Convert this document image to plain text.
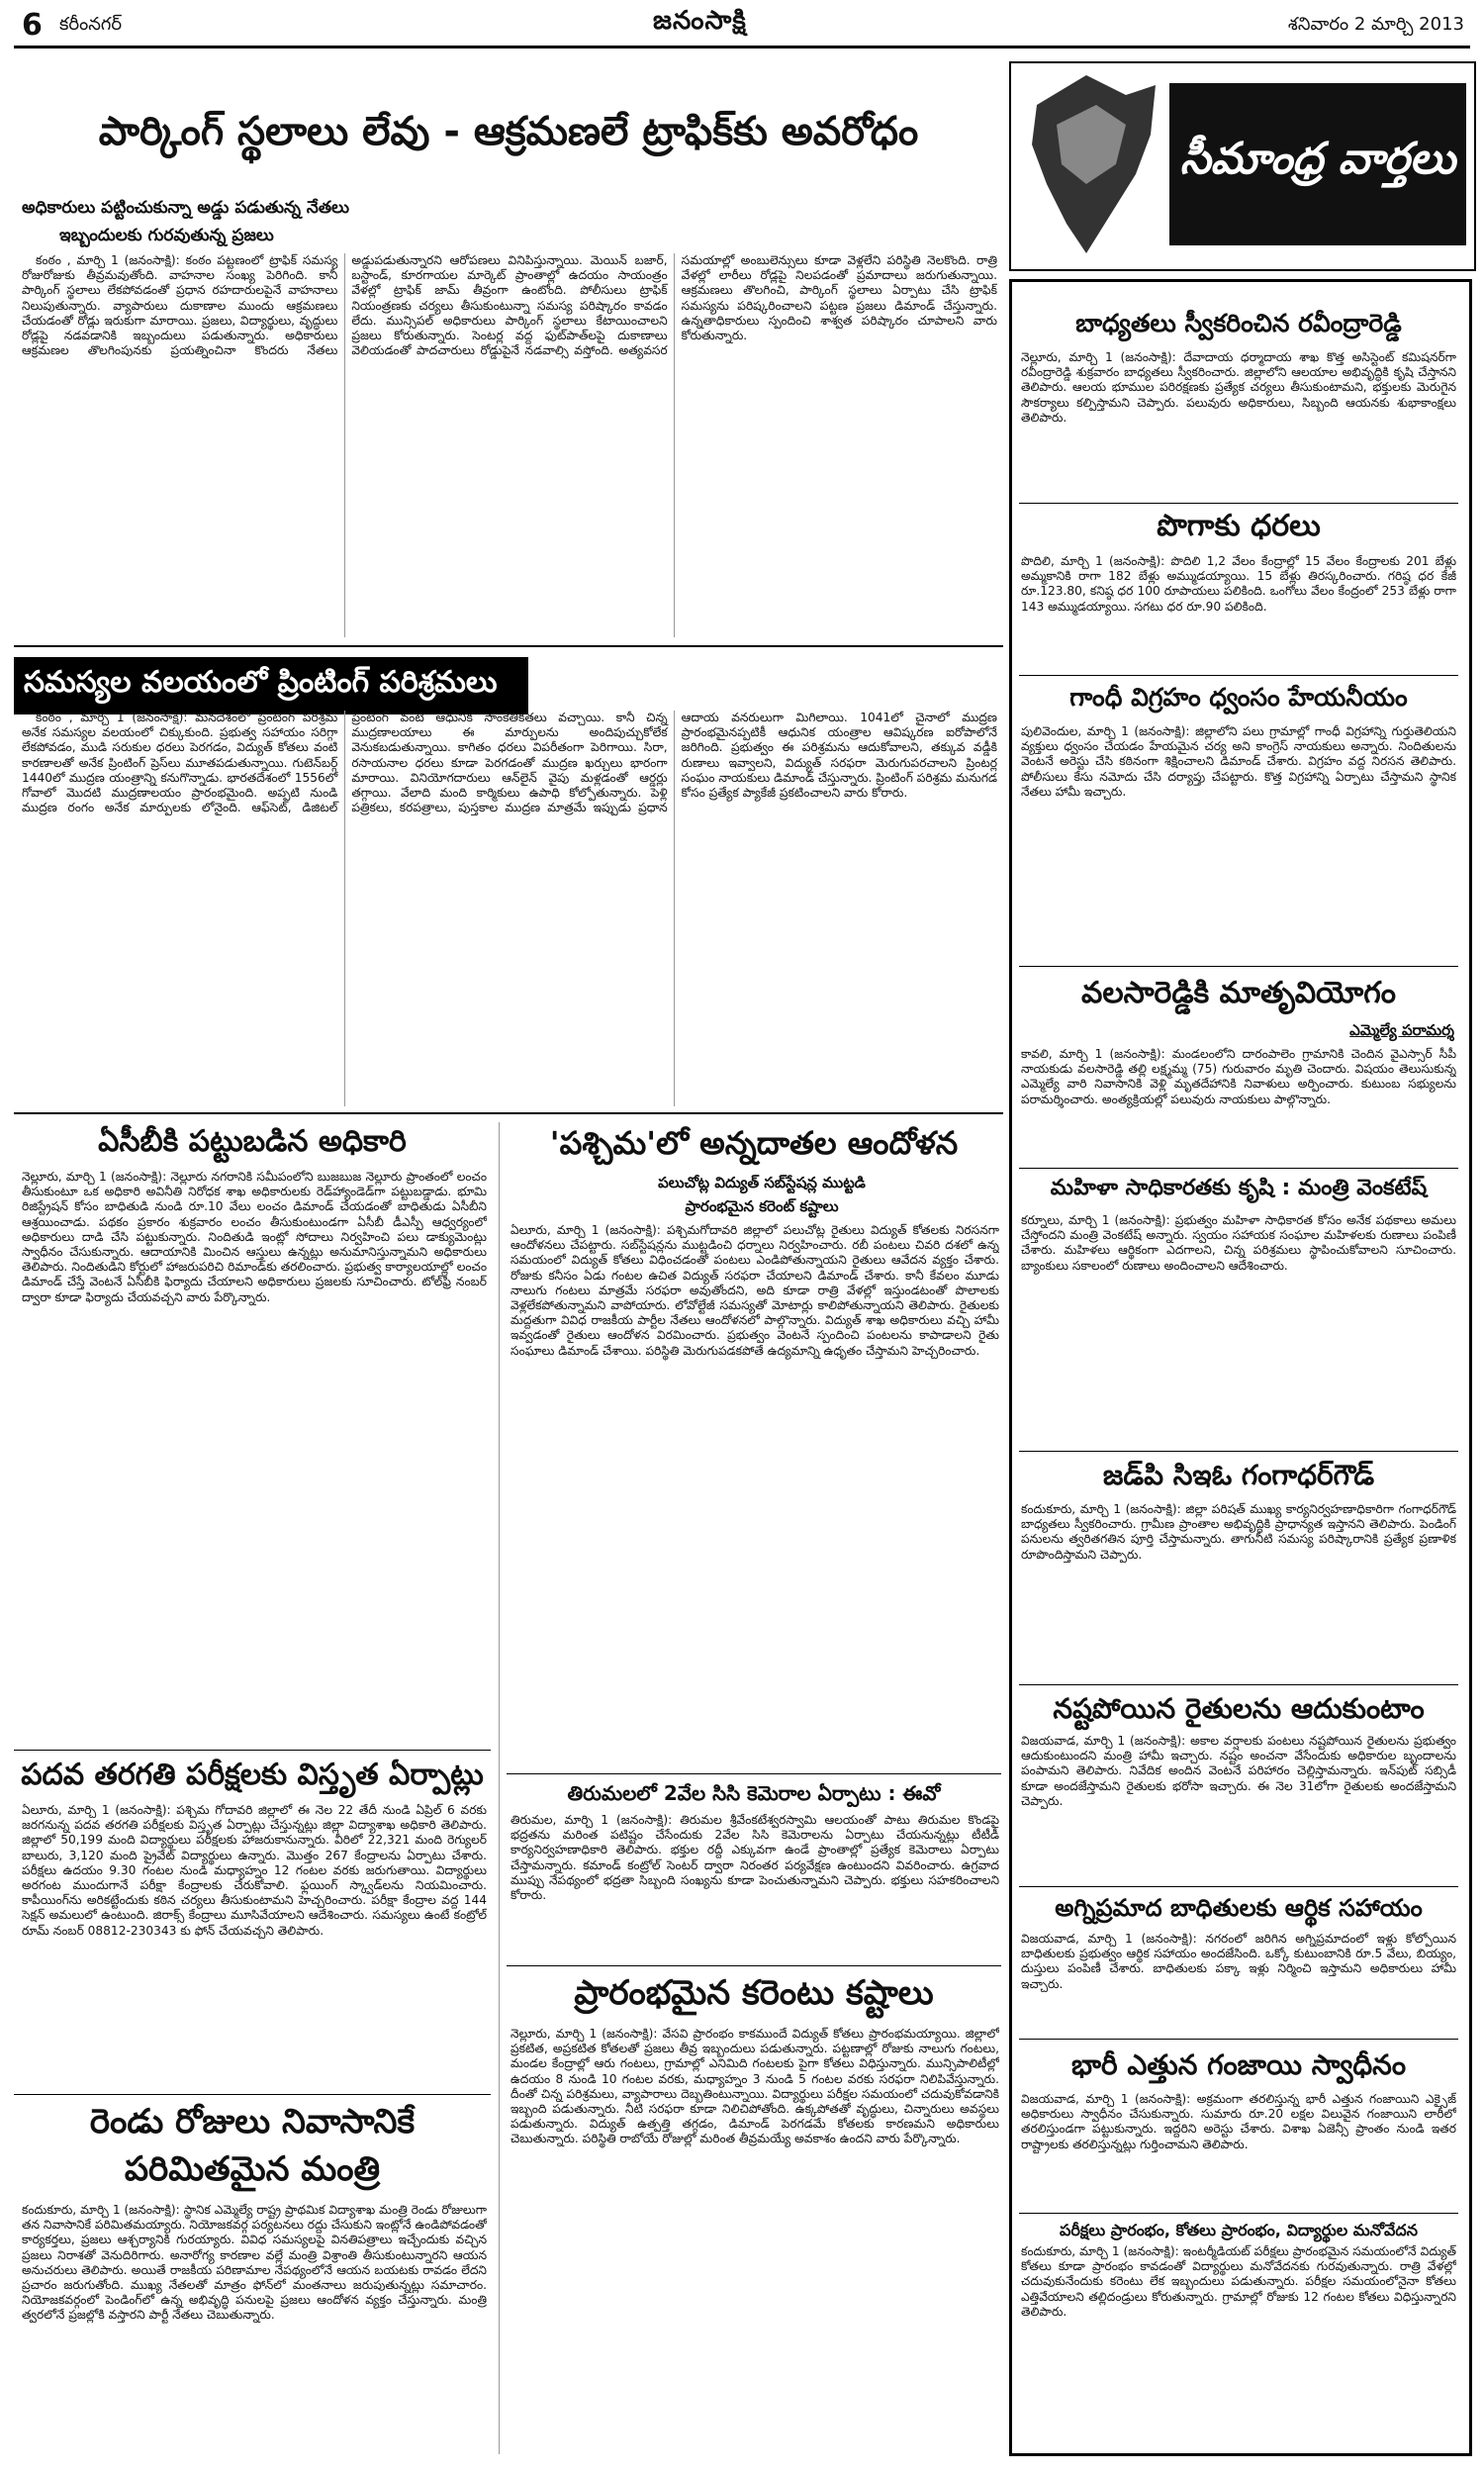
6 కరీంనగర్	జనంసాక్షి	శనివారం 2 మార్చి 2013
పార్కింగ్ స్థలాలు లేవు - ఆక్రమణలే ట్రాఫిక్‌కు అవరోధం
అధికారులు పట్టించుకున్నా అడ్డు పడుతున్న నేతలు
ఇబ్బందులకు గురవుతున్న ప్రజలు

కంఠం , మార్చి 1 (జనంసాక్షి): కంఠం పట్టణంలో ట్రాఫిక్ సమస్య రోజురోజుకు తీవ్రమవుతోంది. వాహనాల సంఖ్య పెరిగింది. కానీ పార్కింగ్ స్థలాలు లేకపోవడంతో ప్రధాన రహదారులపైనే వాహనాలు నిలుపుతున్నారు. వ్యాపారులు దుకాణాల ముందు ఆక్రమణలు చేయడంతో రోడ్లు ఇరుకుగా మారాయి. ప్రజలు, విద్యార్థులు, వృద్ధులు రోడ్లపై నడవడానికి ఇబ్బందులు పడుతున్నారు. అధికారులు ఆక్రమణల తొలగింపునకు ప్రయత్నించినా కొందరు నేతలు అడ్డుపడుతున్నారని ఆరోపణలు వినిపిస్తున్నాయి. మెయిన్ బజార్, బస్టాండ్, కూరగాయల మార్కెట్ ప్రాంతాల్లో ఉదయం సాయంత్రం వేళల్లో ట్రాఫిక్ జామ్ తీవ్రంగా ఉంటోంది. పోలీసులు ట్రాఫిక్ నియంత్రణకు చర్యలు తీసుకుంటున్నా సమస్య పరిష్కారం కావడం లేదు. మున్సిపల్ అధికారులు పార్కింగ్ స్థలాలు కేటాయించాలని ప్రజలు కోరుతున్నారు. సెంటర్ల వద్ద ఫుట్‌పాత్‌లపై దుకాణాలు వెలియడంతో పాదచారులు రోడ్డుపైనే నడవాల్సి వస్తోంది. అత్యవసర సమయాల్లో అంబులెన్సులు కూడా వెళ్లలేని పరిస్థితి నెలకొంది. రాత్రి వేళల్లో లారీలు రోడ్లపై నిలపడంతో ప్రమాదాలు జరుగుతున్నాయి. ఆక్రమణలు తొలగించి, పార్కింగ్ స్థలాలు ఏర్పాటు చేసి ట్రాఫిక్ సమస్యను పరిష్కరించాలని పట్టణ ప్రజలు డిమాండ్ చేస్తున్నారు. ఉన్నతాధికారులు స్పందించి శాశ్వత పరిష్కారం చూపాలని వారు కోరుతున్నారు.

సీమాంధ్ర వార్తలు
బాధ్యతలు స్వీకరించిన రవీంద్రారెడ్డి
నెల్లూరు, మార్చి 1 (జనంసాక్షి): దేవాదాయ ధర్మాదాయ శాఖ కొత్త అసిస్టెంట్ కమిషనర్‌గా రవీంద్రారెడ్డి శుక్రవారం బాధ్యతలు స్వీకరించారు. జిల్లాలోని ఆలయాల అభివృద్ధికి కృషి చేస్తానని తెలిపారు. ఆలయ భూముల పరిరక్షణకు ప్రత్యేక చర్యలు తీసుకుంటామని, భక్తులకు మెరుగైన సౌకర్యాలు కల్పిస్తామని చెప్పారు. పలువురు అధికారులు, సిబ్బంది ఆయనకు శుభాకాంక్షలు తెలిపారు.
పొగాకు ధరలు
పొదిలి, మార్చి 1 (జనంసాక్షి): పొదిలి 1,2 వేలం కేంద్రాల్లో 15 వేలం కేంద్రాలకు 201 బేళ్లు అమ్మకానికి రాగా 182 బేళ్లు అమ్ముడయ్యాయి. 15 బేళ్లు తిరస్కరించారు. గరిష్ఠ ధర కేజీ రూ.123.80, కనిష్ఠ ధర 100 రూపాయలు పలికింది. ఒంగోలు వేలం కేంద్రంలో 253 బేళ్లు రాగా 143 అమ్ముడయ్యాయి. సగటు ధర రూ.90 పలికింది.
గాంధీ విగ్రహం ధ్వంసం హేయనీయం
పులివెందుల, మార్చి 1 (జనంసాక్షి): జిల్లాలోని పలు గ్రామాల్లో గాంధీ విగ్రహాన్ని గుర్తుతెలియని వ్యక్తులు ధ్వంసం చేయడం హేయమైన చర్య అని కాంగ్రెస్ నాయకులు అన్నారు. నిందితులను వెంటనే అరెస్టు చేసి కఠినంగా శిక్షించాలని డిమాండ్ చేశారు. విగ్రహం వద్ద నిరసన తెలిపారు. పోలీసులు కేసు నమోదు చేసి దర్యాప్తు చేపట్టారు. కొత్త విగ్రహాన్ని ఏర్పాటు చేస్తామని స్థానిక నేతలు హామీ ఇచ్చారు.
వలసారెడ్డికి మాతృవియోగం
ఎమ్మెల్యే పరామర్శ
కావలి, మార్చి 1 (జనంసాక్షి): మండలంలోని దారంపాలెం గ్రామానికి చెందిన వైఎస్సార్ సీపీ నాయకుడు వలసారెడ్డి తల్లి లక్ష్మమ్మ (75) గురువారం మృతి చెందారు. విషయం తెలుసుకున్న ఎమ్మెల్యే వారి నివాసానికి వెళ్లి మృతదేహానికి నివాళులు అర్పించారు. కుటుంబ సభ్యులను పరామర్శించారు. అంత్యక్రియల్లో పలువురు నాయకులు పాల్గొన్నారు.
మహిళా సాధికారతకు కృషి : మంత్రి వెంకటేష్
కర్నూలు, మార్చి 1 (జనంసాక్షి): ప్రభుత్వం మహిళా సాధికారత కోసం అనేక పథకాలు అమలు చేస్తోందని మంత్రి వెంకటేష్ అన్నారు. స్వయం సహాయక సంఘాల మహిళలకు రుణాలు పంపిణీ చేశారు. మహిళలు ఆర్థికంగా ఎదగాలని, చిన్న పరిశ్రమలు స్థాపించుకోవాలని సూచించారు. బ్యాంకులు సకాలంలో రుణాలు అందించాలని ఆదేశించారు.
జడ్‌పి సిఇఓ గంగాధర్‌గౌడ్
కందుకూరు, మార్చి 1 (జనంసాక్షి): జిల్లా పరిషత్ ముఖ్య కార్యనిర్వహణాధికారిగా గంగాధర్‌గౌడ్ బాధ్యతలు స్వీకరించారు. గ్రామీణ ప్రాంతాల అభివృద్ధికి ప్రాధాన్యత ఇస్తానని తెలిపారు. పెండింగ్ పనులను త్వరితగతిన పూర్తి చేస్తామన్నారు. తాగునీటి సమస్య పరిష్కారానికి ప్రత్యేక ప్రణాళిక రూపొందిస్తామని చెప్పారు.
నష్టపోయిన రైతులను ఆదుకుంటాం
విజయవాడ, మార్చి 1 (జనంసాక్షి): అకాల వర్షాలకు పంటలు నష్టపోయిన రైతులను ప్రభుత్వం ఆదుకుంటుందని మంత్రి హామీ ఇచ్చారు. నష్టం అంచనా వేసేందుకు అధికారుల బృందాలను పంపామని తెలిపారు. నివేదిక అందిన వెంటనే పరిహారం చెల్లిస్తామన్నారు. ఇన్‌పుట్ సబ్సిడీ కూడా అందజేస్తామని రైతులకు భరోసా ఇచ్చారు. ఈ నెల 31లోగా రైతులకు అందజేస్తామని చెప్పారు.
అగ్నిప్రమాద బాధితులకు ఆర్థిక సహాయం
విజయవాడ, మార్చి 1 (జనంసాక్షి): నగరంలో జరిగిన అగ్నిప్రమాదంలో ఇళ్లు కోల్పోయిన బాధితులకు ప్రభుత్వం ఆర్థిక సహాయం అందజేసింది. ఒక్కో కుటుంబానికి రూ.5 వేలు, బియ్యం, దుస్తులు పంపిణీ చేశారు. బాధితులకు పక్కా ఇళ్లు నిర్మించి ఇస్తామని అధికారులు హామీ ఇచ్చారు.
భారీ ఎత్తున గంజాయి స్వాధీనం
విజయవాడ, మార్చి 1 (జనంసాక్షి): అక్రమంగా తరలిస్తున్న భారీ ఎత్తున గంజాయిని ఎక్సైజ్ అధికారులు స్వాధీనం చేసుకున్నారు. సుమారు రూ.20 లక్షల విలువైన గంజాయిని లారీలో తరలిస్తుండగా పట్టుకున్నారు. ఇద్దరిని అరెస్టు చేశారు. విశాఖ ఏజెన్సీ ప్రాంతం నుండి ఇతర రాష్ట్రాలకు తరలిస్తున్నట్లు గుర్తించామని తెలిపారు.
పరీక్షలు ప్రారంభం, కోతలు ప్రారంభం, విద్యార్థుల మనోవేదన
కందుకూరు, మార్చి 1 (జనంసాక్షి): ఇంటర్మీడియట్ పరీక్షలు ప్రారంభమైన సమయంలోనే విద్యుత్ కోతలు కూడా ప్రారంభం కావడంతో విద్యార్థులు మనోవేదనకు గురవుతున్నారు. రాత్రి వేళల్లో చదువుకునేందుకు కరెంటు లేక ఇబ్బందులు పడుతున్నారు. పరీక్షల సమయంలోనైనా కోతలు ఎత్తివేయాలని తల్లిదండ్రులు కోరుతున్నారు. గ్రామాల్లో రోజుకు 12 గంటల కోతలు విధిస్తున్నారని తెలిపారు.
సమస్యల వలయంలో ప్రింటింగ్ పరిశ్రమలు

కంఠం , మార్చి 1 (జనంసాక్షి): మనదేశంలో ప్రింటింగ్ పరిశ్రమ అనేక సమస్యల వలయంలో చిక్కుకుంది. ప్రభుత్వ సహాయం సరిగ్గా లేకపోవడం, ముడి సరుకుల ధరలు పెరగడం, విద్యుత్ కోతలు వంటి కారణాలతో అనేక ప్రింటింగ్ ప్రెస్‌లు మూతపడుతున్నాయి. గుటెన్‌బర్గ్ 1440లో ముద్రణ యంత్రాన్ని కనుగొన్నాడు. భారతదేశంలో 1556లో గోవాలో మొదటి ముద్రణాలయం ప్రారంభమైంది. అప్పటి నుండి ముద్రణ రంగం అనేక మార్పులకు లోనైంది. ఆఫ్‌సెట్, డిజిటల్ ప్రింటింగ్ వంటి ఆధునిక సాంకేతికతలు వచ్చాయి. కానీ చిన్న ముద్రణాలయాలు ఈ మార్పులను అందిపుచ్చుకోలేక వెనుకబడుతున్నాయి. కాగితం ధరలు విపరీతంగా పెరిగాయి. సిరా, రసాయనాల ధరలు కూడా పెరగడంతో ముద్రణ ఖర్చులు భారంగా మారాయి. వినియోగదారులు ఆన్‌లైన్ వైపు మళ్లడంతో ఆర్డర్లు తగ్గాయి. వేలాది మంది కార్మికులు ఉపాధి కోల్పోతున్నారు. పెళ్లి పత్రికలు, కరపత్రాలు, పుస్తకాల ముద్రణ మాత్రమే ఇప్పుడు ప్రధాన ఆదాయ వనరులుగా మిగిలాయి. 1041లో చైనాలో ముద్రణ ప్రారంభమైనప్పటికీ ఆధునిక యంత్రాల ఆవిష్కరణ ఐరోపాలోనే జరిగింది. ప్రభుత్వం ఈ పరిశ్రమను ఆదుకోవాలని, తక్కువ వడ్డీకి రుణాలు ఇవ్వాలని, విద్యుత్ సరఫరా మెరుగుపరచాలని ప్రింటర్ల సంఘం నాయకులు డిమాండ్ చేస్తున్నారు. ప్రింటింగ్ పరిశ్రమ మనుగడ కోసం ప్రత్యేక ప్యాకేజీ ప్రకటించాలని వారు కోరారు.

ఏసీబీకి పట్టుబడిన అధికారి
నెల్లూరు, మార్చి 1 (జనంసాక్షి): నెల్లూరు నగరానికి సమీపంలోని బుజబుజ నెల్లూరు ప్రాంతంలో లంచం తీసుకుంటూ ఒక అధికారి అవినీతి నిరోధక శాఖ అధికారులకు రెడ్‌హ్యాండెడ్‌గా పట్టుబడ్డాడు. భూమి రిజిస్ట్రేషన్ కోసం బాధితుడి నుండి రూ.10 వేలు లంచం డిమాండ్ చేయడంతో బాధితుడు ఏసీబీని ఆశ్రయించాడు. పథకం ప్రకారం శుక్రవారం లంచం తీసుకుంటుండగా ఏసీబీ డీఎస్పీ ఆధ్వర్యంలో అధికారులు దాడి చేసి పట్టుకున్నారు. నిందితుడి ఇంట్లో సోదాలు నిర్వహించి పలు డాక్యుమెంట్లు స్వాధీనం చేసుకున్నారు. ఆదాయానికి మించిన ఆస్తులు ఉన్నట్లు అనుమానిస్తున్నామని అధికారులు తెలిపారు. నిందితుడిని కోర్టులో హాజరుపరిచి రిమాండ్‌కు తరలించారు. ప్రభుత్వ కార్యాలయాల్లో లంచం డిమాండ్ చేస్తే వెంటనే ఏసీబీకి ఫిర్యాదు చేయాలని అధికారులు ప్రజలకు సూచించారు. టోల్‌ఫ్రీ నంబర్ ద్వారా కూడా ఫిర్యాదు చేయవచ్చని వారు పేర్కొన్నారు.
పదవ తరగతి పరీక్షలకు విస్తృత ఏర్పాట్లు
ఏలూరు, మార్చి 1 (జనంసాక్షి): పశ్చిమ గోదావరి జిల్లాలో ఈ నెల 22 తేదీ నుండి ఏప్రిల్ 6 వరకు జరగనున్న పదవ తరగతి పరీక్షలకు విస్తృత ఏర్పాట్లు చేస్తున్నట్లు జిల్లా విద్యాశాఖ అధికారి తెలిపారు. జిల్లాలో 50,199 మంది విద్యార్థులు పరీక్షలకు హాజరుకానున్నారు. వీరిలో 22,321 మంది రెగ్యులర్ బాలురు, 3,120 మంది ప్రైవేట్ విద్యార్థులు ఉన్నారు. మొత్తం 267 కేంద్రాలను ఏర్పాటు చేశారు. పరీక్షలు ఉదయం 9.30 గంటల నుండి మధ్యాహ్నం 12 గంటల వరకు జరుగుతాయి. విద్యార్థులు అరగంట ముందుగానే పరీక్షా కేంద్రాలకు చేరుకోవాలి. ఫ్లయింగ్ స్క్వాడ్‌లను నియమించారు. కాపీయింగ్‌ను అరికట్టేందుకు కఠిన చర్యలు తీసుకుంటామని హెచ్చరించారు. పరీక్షా కేంద్రాల వద్ద 144 సెక్షన్ అమలులో ఉంటుంది. జిరాక్స్ కేంద్రాలు మూసివేయాలని ఆదేశించారు. సమస్యలు ఉంటే కంట్రోల్ రూమ్ నంబర్ 08812-230343 కు ఫోన్ చేయవచ్చని తెలిపారు.
రెండు రోజులు నివాసానికే
పరిమితమైన మంత్రి
కందుకూరు, మార్చి 1 (జనంసాక్షి): స్థానిక ఎమ్మెల్యే రాష్ట్ర ప్రాథమిక విద్యాశాఖ మంత్రి రెండు రోజులుగా తన నివాసానికే పరిమితమయ్యారు. నియోజకవర్గ పర్యటనలు రద్దు చేసుకుని ఇంట్లోనే ఉండిపోవడంతో కార్యకర్తలు, ప్రజలు ఆశ్చర్యానికి గురయ్యారు. వివిధ సమస్యలపై వినతిపత్రాలు ఇచ్చేందుకు వచ్చిన ప్రజలు నిరాశతో వెనుదిరిగారు. అనారోగ్య కారణాల వల్లే మంత్రి విశ్రాంతి తీసుకుంటున్నారని ఆయన అనుచరులు తెలిపారు. అయితే రాజకీయ పరిణామాల నేపథ్యంలోనే ఆయన బయటకు రావడం లేదని ప్రచారం జరుగుతోంది. ముఖ్య నేతలతో మాత్రం ఫోన్‌లో మంతనాలు జరుపుతున్నట్లు సమాచారం. నియోజకవర్గంలో పెండింగ్‌లో ఉన్న అభివృద్ధి పనులపై ప్రజలు ఆందోళన వ్యక్తం చేస్తున్నారు. మంత్రి త్వరలోనే ప్రజల్లోకి వస్తారని పార్టీ నేతలు చెబుతున్నారు.
'పశ్చిమ'లో అన్నదాతల ఆందోళన
పలుచోట్ల విద్యుత్ సబ్‌స్టేషన్ల ముట్టడి
ప్రారంభమైన కరెంట్ కష్టాలు
ఏలూరు, మార్చి 1 (జనంసాక్షి): పశ్చిమగోదావరి జిల్లాలో పలుచోట్ల రైతులు విద్యుత్ కోతలకు నిరసనగా ఆందోళనలు చేపట్టారు. సబ్‌స్టేషన్లను ముట్టడించి ధర్నాలు నిర్వహించారు. రబీ పంటలు చివరి దశలో ఉన్న సమయంలో విద్యుత్ కోతలు విధించడంతో పంటలు ఎండిపోతున్నాయని రైతులు ఆవేదన వ్యక్తం చేశారు. రోజుకు కనీసం ఏడు గంటల ఉచిత విద్యుత్ సరఫరా చేయాలని డిమాండ్ చేశారు. కానీ కేవలం మూడు నాలుగు గంటలు మాత్రమే సరఫరా అవుతోందని, అది కూడా రాత్రి వేళల్లో ఇస్తుండటంతో పొలాలకు వెళ్లలేకపోతున్నామని వాపోయారు. లోవోల్టేజీ సమస్యతో మోటార్లు కాలిపోతున్నాయని తెలిపారు. రైతులకు మద్దతుగా వివిధ రాజకీయ పార్టీల నేతలు ఆందోళనలో పాల్గొన్నారు. విద్యుత్ శాఖ అధికారులు వచ్చి హామీ ఇవ్వడంతో రైతులు ఆందోళన విరమించారు. ప్రభుత్వం వెంటనే స్పందించి పంటలను కాపాడాలని రైతు సంఘాలు డిమాండ్ చేశాయి. పరిస్థితి మెరుగుపడకపోతే ఉద్యమాన్ని ఉధృతం చేస్తామని హెచ్చరించారు.
తిరుమలలో 2వేల సిసి కెమెరాల ఏర్పాటు : ఈవో
తిరుమల, మార్చి 1 (జనంసాక్షి): తిరుమల శ్రీవేంకటేశ్వరస్వామి ఆలయంతో పాటు తిరుమల కొండపై భద్రతను మరింత పటిష్టం చేసేందుకు 2వేల సిసి కెమెరాలను ఏర్పాటు చేయనున్నట్లు టీటీడీ కార్యనిర్వహణాధికారి తెలిపారు. భక్తుల రద్దీ ఎక్కువగా ఉండే ప్రాంతాల్లో ప్రత్యేక కెమెరాలు ఏర్పాటు చేస్తామన్నారు. కమాండ్ కంట్రోల్ సెంటర్ ద్వారా నిరంతర పర్యవేక్షణ ఉంటుందని వివరించారు. ఉగ్రవాద ముప్పు నేపథ్యంలో భద్రతా సిబ్బంది సంఖ్యను కూడా పెంచుతున్నామని చెప్పారు. భక్తులు సహకరించాలని కోరారు.
ప్రారంభమైన కరెంటు కష్టాలు
నెల్లూరు, మార్చి 1 (జనంసాక్షి): వేసవి ప్రారంభం కాకముందే విద్యుత్ కోతలు ప్రారంభమయ్యాయి. జిల్లాలో ప్రకటిత, అప్రకటిత కోతలతో ప్రజలు తీవ్ర ఇబ్బందులు పడుతున్నారు. పట్టణాల్లో రోజుకు నాలుగు గంటలు, మండల కేంద్రాల్లో ఆరు గంటలు, గ్రామాల్లో ఎనిమిది గంటలకు పైగా కోతలు విధిస్తున్నారు. మున్సిపాలిటీల్లో ఉదయం 8 నుండి 10 గంటల వరకు, మధ్యాహ్నం 3 నుండి 5 గంటల వరకు సరఫరా నిలిపివేస్తున్నారు. దీంతో చిన్న పరిశ్రమలు, వ్యాపారాలు దెబ్బతింటున్నాయి. విద్యార్థులు పరీక్షల సమయంలో చదువుకోవడానికి ఇబ్బంది పడుతున్నారు. నీటి సరఫరా కూడా నిలిచిపోతోంది. ఉక్కపోతతో వృద్ధులు, చిన్నారులు అవస్థలు పడుతున్నారు. విద్యుత్ ఉత్పత్తి తగ్గడం, డిమాండ్ పెరగడమే కోతలకు కారణమని అధికారులు చెబుతున్నారు. పరిస్థితి రాబోయే రోజుల్లో మరింత తీవ్రమయ్యే అవకాశం ఉందని వారు పేర్కొన్నారు.
